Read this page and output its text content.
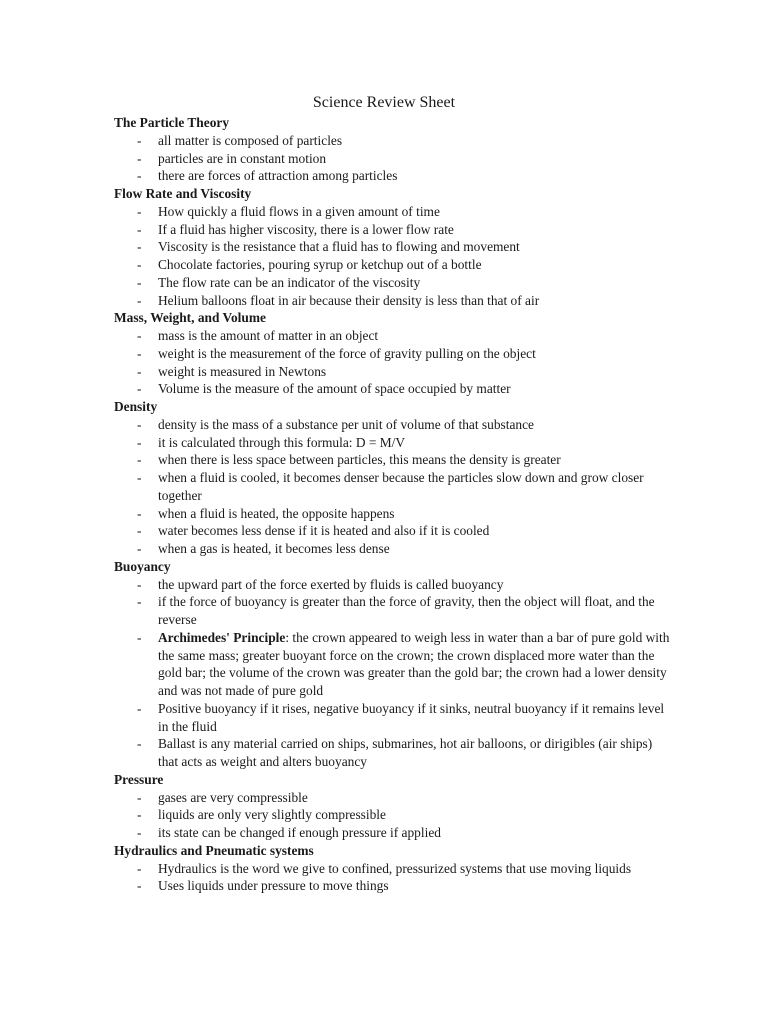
Science Review Sheet
The Particle Theory
- all matter is composed of particles
- particles are in constant motion
- there are forces of attraction among particles
Flow Rate and Viscosity
- How quickly a fluid flows in a given amount of time
- If a fluid has higher viscosity, there is a lower flow rate
- Viscosity is the resistance that a fluid has to flowing and movement
- Chocolate factories, pouring syrup or ketchup out of a bottle
- The flow rate can be an indicator of the viscosity
- Helium balloons float in air because their density is less than that of air
Mass, Weight, and Volume
- mass is the amount of matter in an object
- weight is the measurement of the force of gravity pulling on the object
- weight is measured in Newtons
- Volume is the measure of the amount of space occupied by matter
Density
- density is the mass of a substance per unit of volume of that substance
- it is calculated through this formula: D = M/V
- when there is less space between particles, this means the density is greater
- when a fluid is cooled, it becomes denser because the particles slow down and grow closer together
- when a fluid is heated, the opposite happens
- water becomes less dense if it is heated and also if it is cooled
- when a gas is heated, it becomes less dense
Buoyancy
- the upward part of the force exerted by fluids is called buoyancy
- if the force of buoyancy is greater than the force of gravity, then the object will float, and the reverse
- Archimedes' Principle: the crown appeared to weigh less in water than a bar of pure gold with the same mass; greater buoyant force on the crown; the crown displaced more water than the gold bar; the volume of the crown was greater than the gold bar; the crown had a lower density and was not made of pure gold
- Positive buoyancy if it rises, negative buoyancy if it sinks, neutral buoyancy if it remains level in the fluid
- Ballast is any material carried on ships, submarines, hot air balloons, or dirigibles (air ships) that acts as weight and alters buoyancy
Pressure
- gases are very compressible
- liquids are only very slightly compressible
- its state can be changed if enough pressure if applied
Hydraulics and Pneumatic systems
- Hydraulics is the word we give to confined, pressurized systems that use moving liquids
- Uses liquids under pressure to move things
